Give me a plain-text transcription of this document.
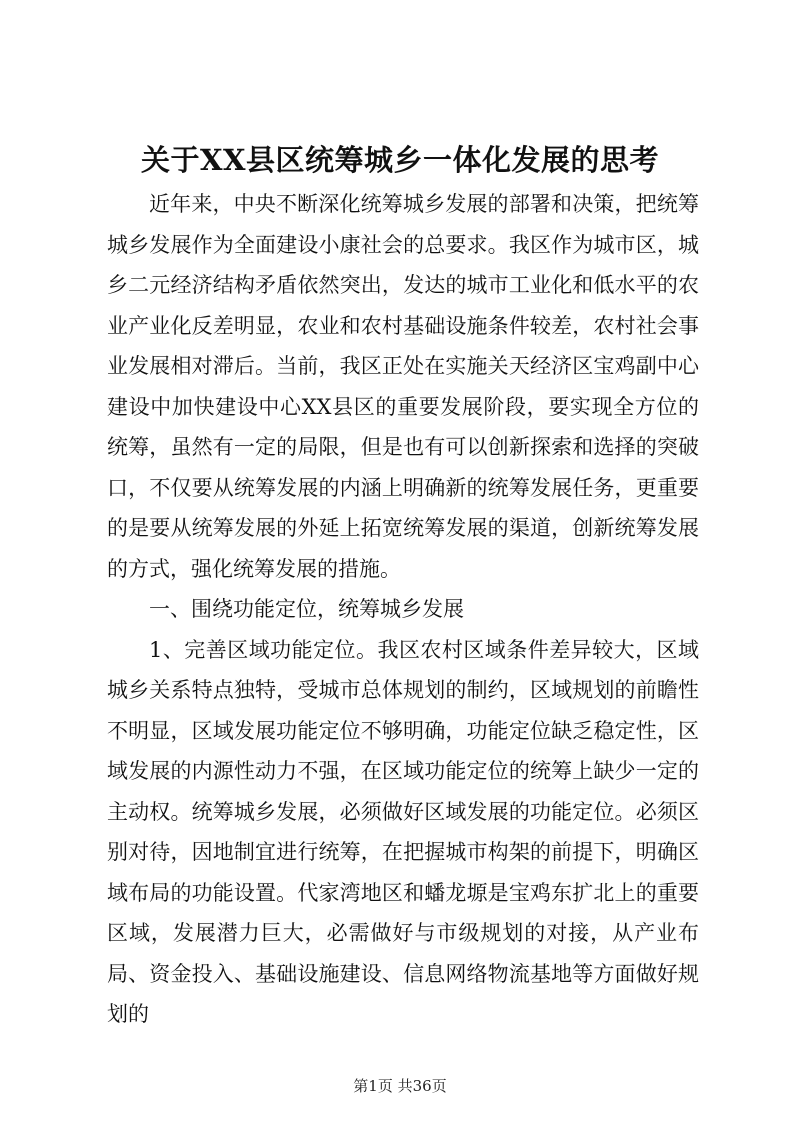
关于XX县区统筹城乡一体化发展的思考

近年来，中央不断深化统筹城乡发展的部署和决策，把统筹城乡发展作为全面建设小康社会的总要求。我区作为城市区，城乡二元经济结构矛盾依然突出，发达的城市工业化和低水平的农业产业化反差明显，农业和农村基础设施条件较差，农村社会事业发展相对滞后。当前，我区正处在实施关天经济区宝鸡副中心建设中加快建设中心XX县区的重要发展阶段，要实现全方位的统筹，虽然有一定的局限，但是也有可以创新探索和选择的突破口，不仅要从统筹发展的内涵上明确新的统筹发展任务，更重要的是要从统筹发展的外延上拓宽统筹发展的渠道，创新统筹发展的方式，强化统筹发展的措施。

一、围绕功能定位，统筹城乡发展

1、完善区域功能定位。我区农村区域条件差异较大，区域城乡关系特点独特，受城市总体规划的制约，区域规划的前瞻性不明显，区域发展功能定位不够明确，功能定位缺乏稳定性，区域发展的内源性动力不强，在区域功能定位的统筹上缺少一定的主动权。统筹城乡发展，必须做好区域发展的功能定位。必须区别对待，因地制宜进行统筹，在把握城市构架的前提下，明确区域布局的功能设置。代家湾地区和蟠龙塬是宝鸡东扩北上的重要区域，发展潜力巨大，必需做好与市级规划的对接，从产业布局、资金投入、基础设施建设、信息网络物流基地等方面做好规划的

第1页 共36页
